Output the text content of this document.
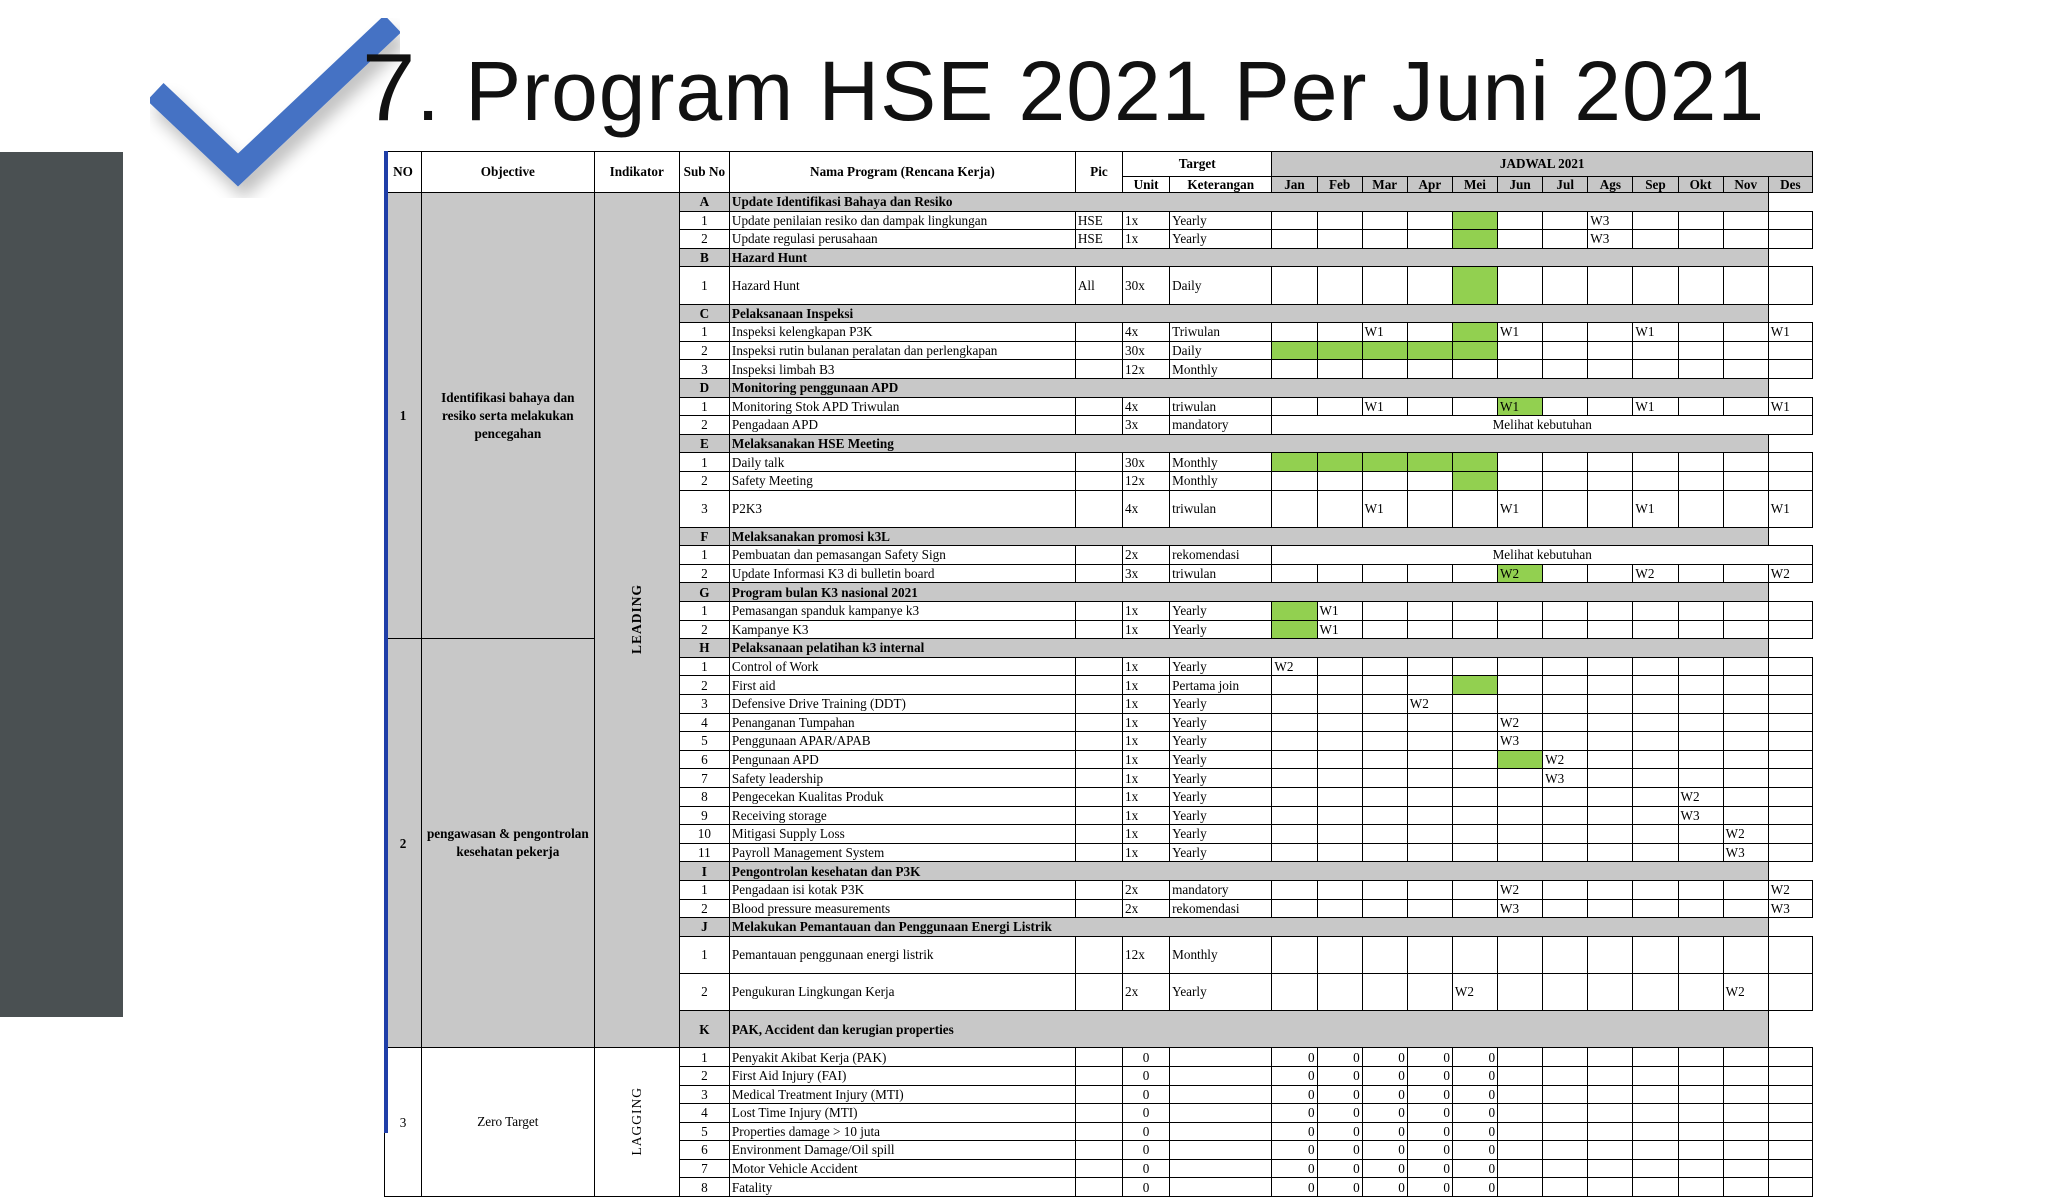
7. Program HSE 2021 Per Juni 2021
NO	Objective	Indikator	Sub No	Nama Program (Rencana Kerja)	Pic	Target		JADWAL 2021											
						Unit	Keterangan	Jan	Feb	Mar	Apr	Mei	Jun	Jul	Ags	Sep	Okt	Nov	Des
1	Identifikasi bahaya dan resiko serta melakukan pencegahan	LEADING	A	Update Identifikasi Bahaya dan Resiko															
			1	Update penilaian resiko dan dampak lingkungan	HSE	1x	Yearly								W3				
			2	Update regulasi perusahaan	HSE	1x	Yearly								W3				
			B	Hazard Hunt															
			1	Hazard Hunt	All	30x	Daily												
			C	Pelaksanaan Inspeksi															
			1	Inspeksi kelengkapan P3K		4x	Triwulan			W1			W1			W1			W1
			2	Inspeksi rutin bulanan peralatan dan perlengkapan		30x	Daily												
			3	Inspeksi limbah B3		12x	Monthly												
			D	Monitoring penggunaan APD															
			1	Monitoring Stok APD Triwulan		4x	triwulan			W1			W1			W1			W1
			2	Pengadaan APD		3x	mandatory	Melihat kebutuhan											
			E	Melaksanakan HSE Meeting															
			1	Daily talk		30x	Monthly												
			2	Safety Meeting		12x	Monthly												
			3	P2K3		4x	triwulan			W1			W1			W1			W1
			F	Melaksanakan promosi k3L															
			1	Pembuatan dan pemasangan Safety Sign		2x	rekomendasi	Melihat kebutuhan											
			2	Update Informasi K3 di bulletin board		3x	triwulan						W2			W2			W2
			G	Program bulan K3 nasional 2021															
			1	Pemasangan spanduk kampanye k3		1x	Yearly		W1										
			2	Kampanye K3		1x	Yearly		W1										
2	pengawasan & pengontrolan kesehatan pekerja		H	Pelaksanaan pelatihan k3 internal															
			1	Control of Work		1x	Yearly	W2											
			2	First aid		1x	Pertama join												
			3	Defensive Drive Training (DDT)		1x	Yearly				W2								
			4	Penanganan Tumpahan		1x	Yearly						W2						
			5	Penggunaan APAR/APAB		1x	Yearly						W3						
			6	Pengunaan APD		1x	Yearly							W2					
			7	Safety leadership		1x	Yearly							W3					
			8	Pengecekan Kualitas Produk		1x	Yearly										W2		
			9	Receiving storage		1x	Yearly										W3		
			10	Mitigasi Supply Loss		1x	Yearly											W2	
			11	Payroll Management System		1x	Yearly											W3	
			I	Pengontrolan kesehatan dan P3K															
			1	Pengadaan isi kotak P3K		2x	mandatory						W2						W2
			2	Blood pressure measurements		2x	rekomendasi						W3						W3
			J	Melakukan Pemantauan dan Penggunaan Energi Listrik															
			1	Pemantauan penggunaan energi listrik		12x	Monthly												
			2	Pengukuran Lingkungan Kerja		2x	Yearly					W2						W2	
			K	PAK, Accident dan kerugian properties															
3	Zero Target	LAGGING	1	Penyakit Akibat Kerja (PAK)		0		0	0	0	0	0							
			2	First Aid Injury (FAI)		0		0	0	0	0	0							
			3	Medical Treatment Injury (MTI)		0		0	0	0	0	0							
			4	Lost Time Injury (MTI)		0		0	0	0	0	0							
			5	Properties damage > 10 juta		0		0	0	0	0	0							
			6	Environment Damage/Oil spill		0		0	0	0	0	0							
			7	Motor Vehicle Accident		0		0	0	0	0	0							
			8	Fatality		0		0	0	0	0	0							
